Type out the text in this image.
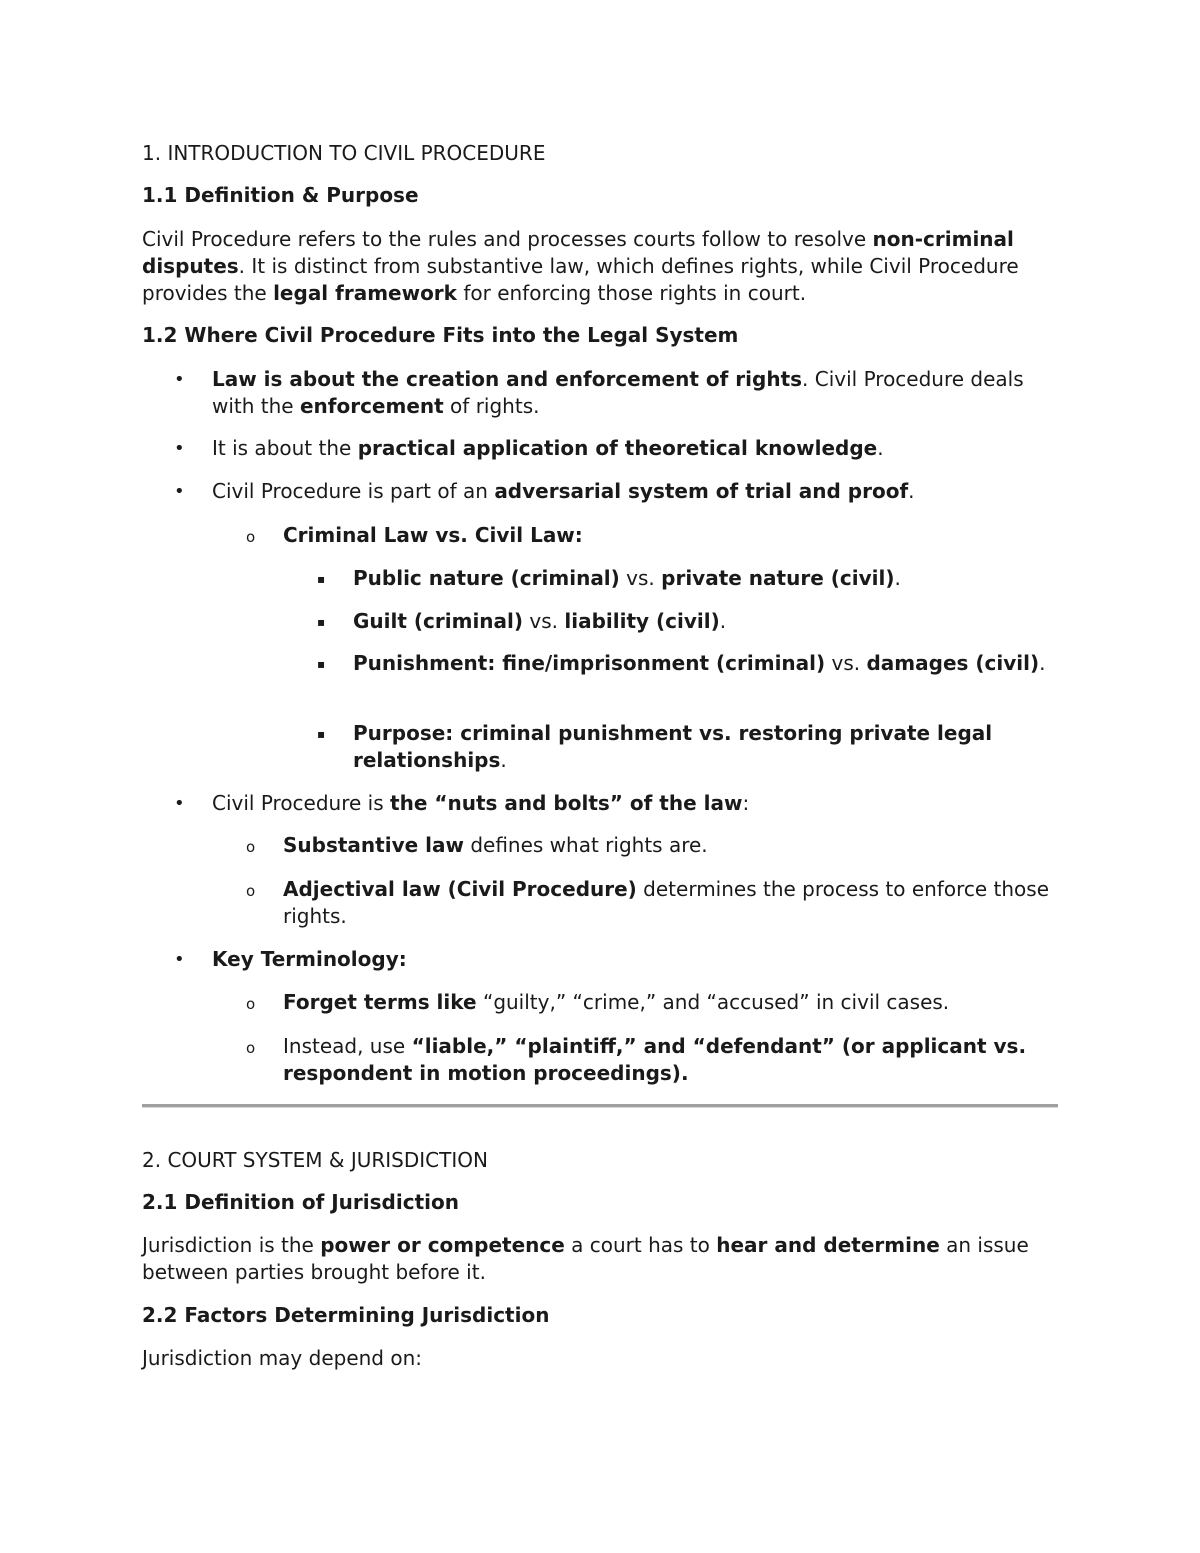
1. INTRODUCTION TO CIVIL PROCEDURE
1.1 Definition & Purpose

Civil Procedure refers to the rules and processes courts follow to resolve non-criminal disputes. It is distinct from substantive law, which defines rights, while Civil Procedure provides the legal framework for enforcing those rights in court.

1.2 Where Civil Procedure Fits into the Legal System
• Law is about the creation and enforcement of rights. Civil Procedure deals with the enforcement of rights.
• It is about the practical application of theoretical knowledge.
• Civil Procedure is part of an adversarial system of trial and proof.
o Criminal Law vs. Civil Law:
▪ Public nature (criminal) vs. private nature (civil).
▪ Guilt (criminal) vs. liability (civil).
▪ Punishment: fine/imprisonment (criminal) vs. damages (civil).
▪ Purpose: criminal punishment vs. restoring private legal relationships.
• Civil Procedure is the “nuts and bolts” of the law:
o Substantive law defines what rights are.
o Adjectival law (Civil Procedure) determines the process to enforce those rights.
• Key Terminology:
o Forget terms like “guilty,” “crime,” and “accused” in civil cases.
o Instead, use “liable,” “plaintiff,” and “defendant” (or applicant vs. respondent in motion proceedings).
2. COURT SYSTEM & JURISDICTION
2.1 Definition of Jurisdiction

Jurisdiction is the power or competence a court has to hear and determine an issue between parties brought before it.

2.2 Factors Determining Jurisdiction

Jurisdiction may depend on:
